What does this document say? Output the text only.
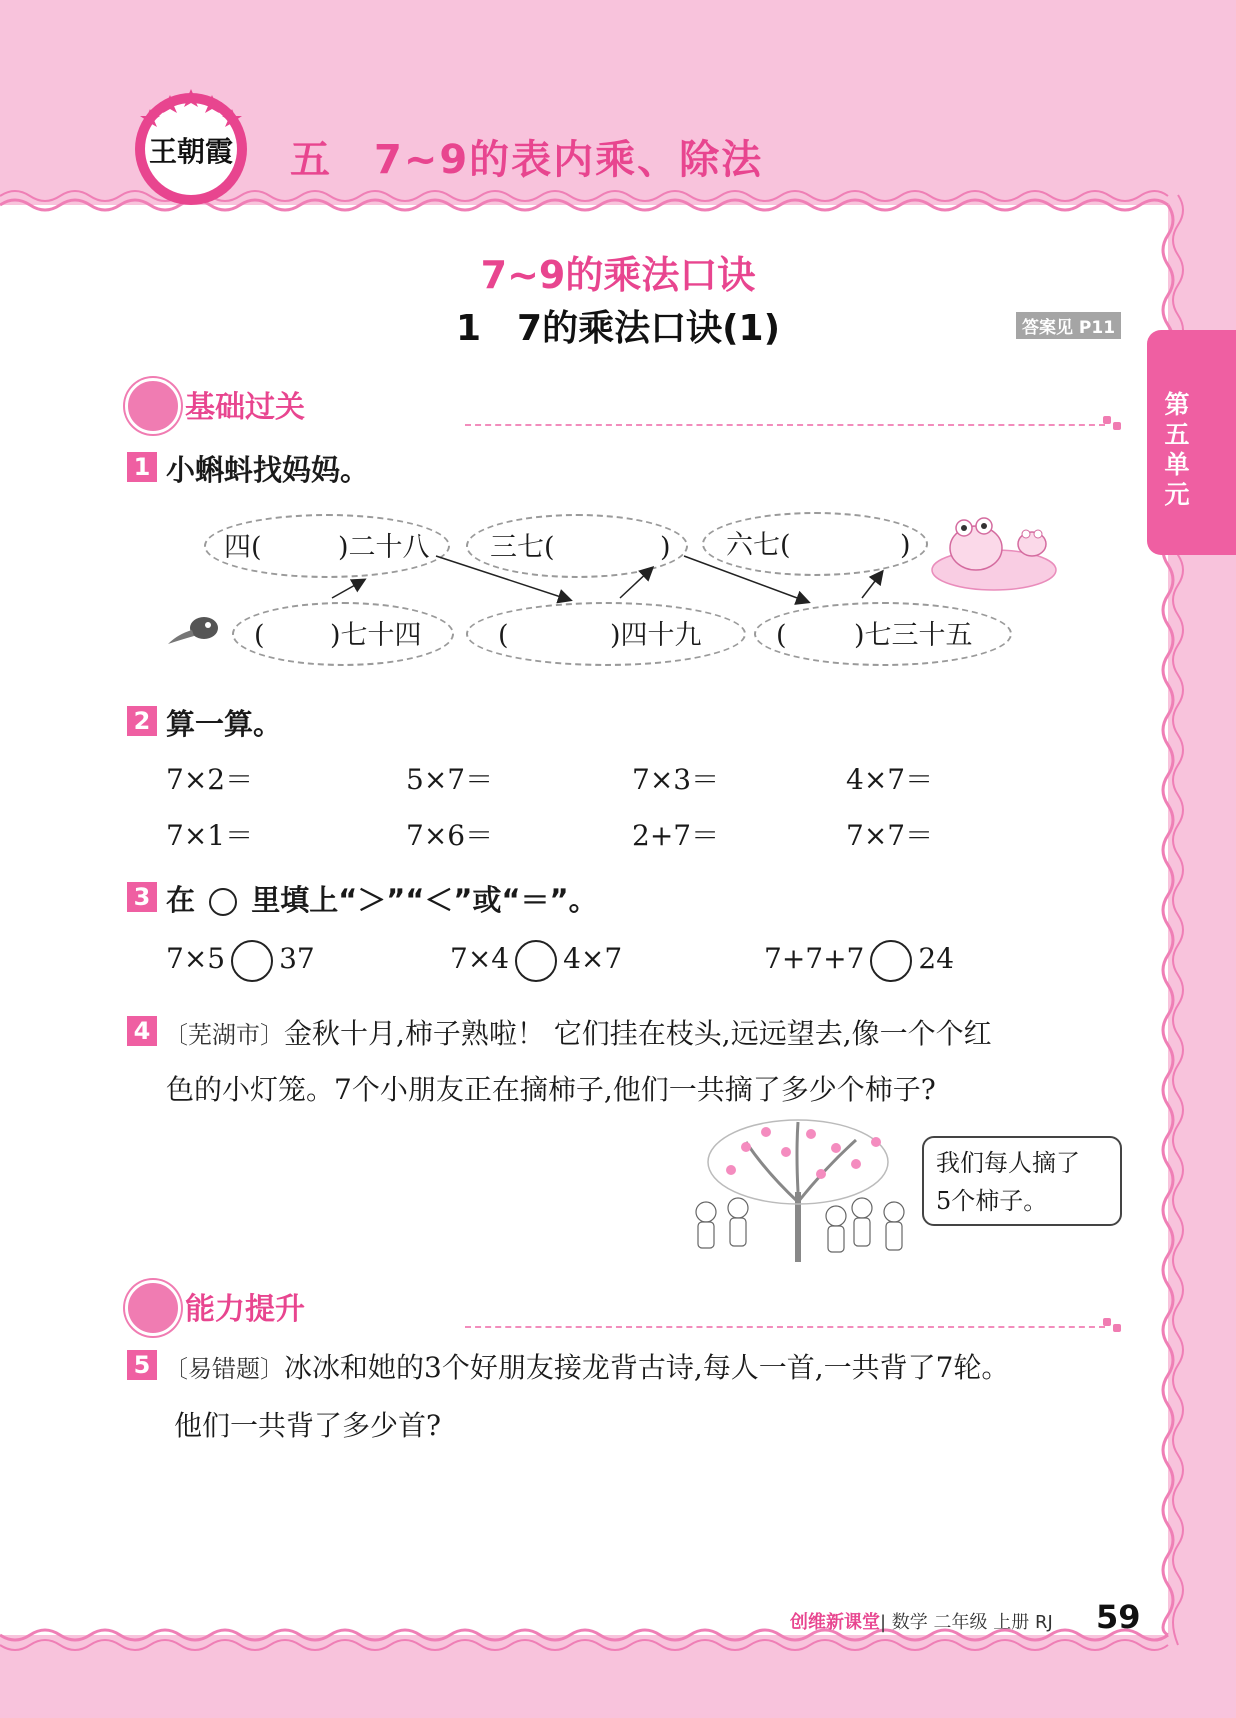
王朝霞 五　7~9的表内乘、除法
7~9的乘法口诀
1　7的乘法口诀(1)	答案见 P11
第五单元
基础过关
1 小蝌蚪找妈妈。
四(	)二十八 三七(	) 六七(	)
( )七十四	(	)四十九	( )七三十五
2 算一算。
7×2＝	5×7＝	7×3＝	4×7＝
7×1＝	7×6＝	2+7＝	7×7＝
3 在 里填上“＞”“＜”或“＝”。
7×5 37	7×4 4×7	7+7+7 24
4 〔芜湖市〕金秋十月,柿子熟啦！ 它们挂在枝头,远远望去,像一个个红
色的小灯笼。7个小朋友正在摘柿子,他们一共摘了多少个柿子?
我们每人摘了
5个柿子。
能力提升
5 〔易错题〕冰冰和她的3个好朋友接龙背古诗,每人一首,一共背了7轮。
他们一共背了多少首?
创维新课堂 | 数学 二年级 上册 RJ 59
